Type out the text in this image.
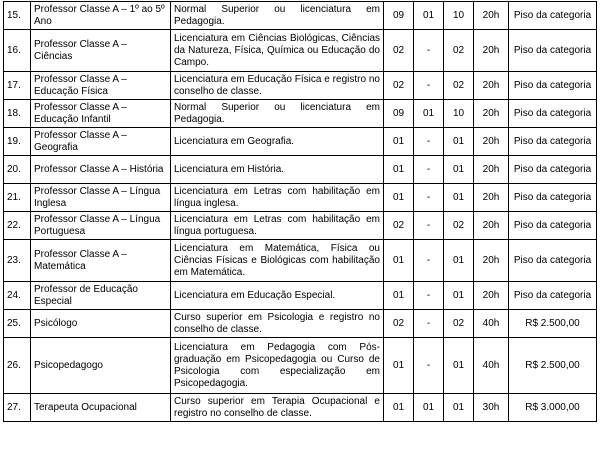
15.	Professor Classe A – 1º ao 5º Ano	Normal Superior ou licenciatura em Pedagogia.	09	01	10	20h	Piso da categoria
16.	Professor Classe A – Ciências	Licenciatura em Ciências Biológicas, Ciências da Natureza, Física, Química ou Educação do Campo.	02	-	02	20h	Piso da categoria
17.	Professor Classe A – Educação Física	Licenciatura em Educação Física e registro no conselho de classe.	02	-	02	20h	Piso da categoria
18.	Professor Classe A – Educação Infantil	Normal Superior ou licenciatura em Pedagogia.	09	01	10	20h	Piso da categoria
19.	Professor Classe A – Geografia	Licenciatura em Geografia.	01	-	01	20h	Piso da categoria
20.	Professor Classe A – História	Licenciatura em História.	01	-	01	20h	Piso da categoria
21.	Professor Classe A – Língua Inglesa	Licenciatura em Letras com habilitação em língua inglesa.	01	-	01	20h	Piso da categoria
22.	Professor Classe A – Língua Portuguesa	Licenciatura em Letras com habilitação em língua portuguesa.	02	-	02	20h	Piso da categoria
23.	Professor Classe A – Matemática	Licenciatura em Matemática, Física ou Ciências Físicas e Biológicas com habilitação em Matemática.	01	-	01	20h	Piso da categoria
24.	Professor de Educação Especial	Licenciatura em Educação Especial.	01	-	01	20h	Piso da categoria
25.	Psicólogo	Curso superior em Psicologia e registro no conselho de classe.	02	-	02	40h	R$ 2.500,00
26.	Psicopedagogo	Licenciatura em Pedagogia com Pós-graduação em Psicopedagogia ou Curso de Psicologia com especialização em Psicopedagogia.	01	-	01	40h	R$ 2.500,00
27.	Terapeuta Ocupacional	Curso superior em Terapia Ocupacional e registro no conselho de classe.	01	01	01	30h	R$ 3.000,00
